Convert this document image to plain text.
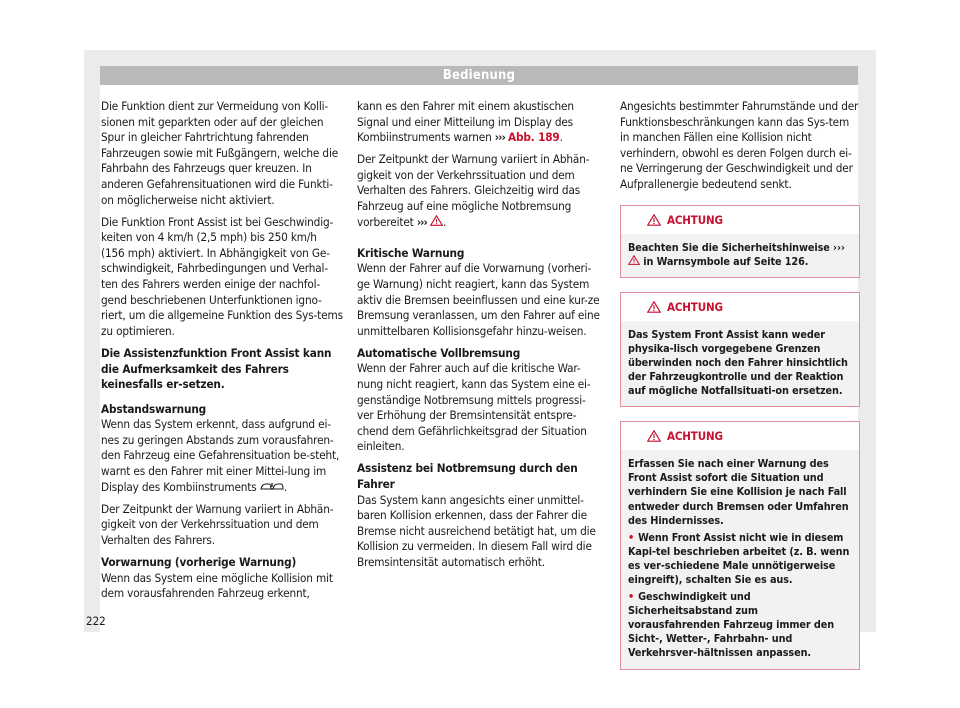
Bedienung

Die Funktion dient zur Vermeidung von Kolli-sionen mit geparkten oder auf der gleichen Spur in gleicher Fahrtrichtung fahrenden Fahrzeugen sowie mit Fußgängern, welche die Fahrbahn des Fahrzeugs quer kreuzen. In anderen Gefahrensituationen wird die Funkti-on möglicherweise nicht aktiviert.

Die Funktion Front Assist ist bei Geschwindig-keiten von 4 km/h (2,5 mph) bis 250 km/h (156 mph) aktiviert. In Abhängigkeit von Ge-schwindigkeit, Fahrbedingungen und Verhal-ten des Fahrers werden einige der nachfol-gend beschriebenen Unterfunktionen igno-riert, um die allgemeine Funktion des Sys-tems zu optimieren.

Die Assistenzfunktion Front Assist kann die Aufmerksamkeit des Fahrers keinesfalls er-setzen.

Abstandswarnung

Wenn das System erkennt, dass aufgrund ei-nes zu geringen Abstands zum vorausfahren-den Fahrzeug eine Gefahrensituation be-steht, warnt es den Fahrer mit einer Mittei-lung im Display des Kombiinstruments .

Der Zeitpunkt der Warnung variiert in Abhän-gigkeit von der Verkehrssituation und dem Verhalten des Fahrers.

Vorwarnung (vorherige Warnung)

Wenn das System eine mögliche Kollision mit dem vorausfahrenden Fahrzeug erkennt,

kann es den Fahrer mit einem akustischen Signal und einer Mitteilung im Display des Kombiinstruments warnen ››› Abb. 189.

Der Zeitpunkt der Warnung variiert in Abhän-gigkeit von der Verkehrssituation und dem Verhalten des Fahrers. Gleichzeitig wird das Fahrzeug auf eine mögliche Notbremsung vorbereitet ››› .

Kritische Warnung

Wenn der Fahrer auf die Vorwarnung (vorheri-ge Warnung) nicht reagiert, kann das System aktiv die Bremsen beeinflussen und eine kur-ze Bremsung veranlassen, um den Fahrer auf eine unmittelbaren Kollisionsgefahr hinzu-weisen.

Automatische Vollbremsung

Wenn der Fahrer auch auf die kritische War-nung nicht reagiert, kann das System eine ei-genständige Notbremsung mittels progressi-ver Erhöhung der Bremsintensität entspre-chend dem Gefährlichkeitsgrad der Situation einleiten.

Assistenz bei Notbremsung durch den Fahrer

Das System kann angesichts einer unmittel-baren Kollision erkennen, dass der Fahrer die Bremse nicht ausreichend betätigt hat, um die Kollision zu vermeiden. In diesem Fall wird die Bremsintensität automatisch erhöht.

Angesichts bestimmter Fahrumstände und der Funktionsbeschränkungen kann das Sys-tem in manchen Fällen eine Kollision nicht verhindern, obwohl es deren Folgen durch ei-ne Verringerung der Geschwindigkeit und der Aufprallenergie bedeutend senkt.

ACHTUNG
Beachten Sie die Sicherheitshinweise ›››  in Warnsymbole auf Seite 126.
ACHTUNG
Das System Front Assist kann weder physika-lisch vorgegebene Grenzen überwinden noch den Fahrer hinsichtlich der Fahrzeugkontrolle und der Reaktion auf mögliche Notfallsituati-on ersetzen.
ACHTUNG
Erfassen Sie nach einer Warnung des Front Assist sofort die Situation und verhindern Sie eine Kollision je nach Fall entweder durch Bremsen oder Umfahren des Hindernisses.
• Wenn Front Assist nicht wie in diesem Kapi-tel beschrieben arbeitet (z. B. wenn es ver-schiedene Male unnötigerweise eingreift), schalten Sie es aus.
• Geschwindigkeit und Sicherheitsabstand zum vorausfahrenden Fahrzeug immer den Sicht-, Wetter-, Fahrbahn- und Verkehrsver-hältnissen anpassen.
222
